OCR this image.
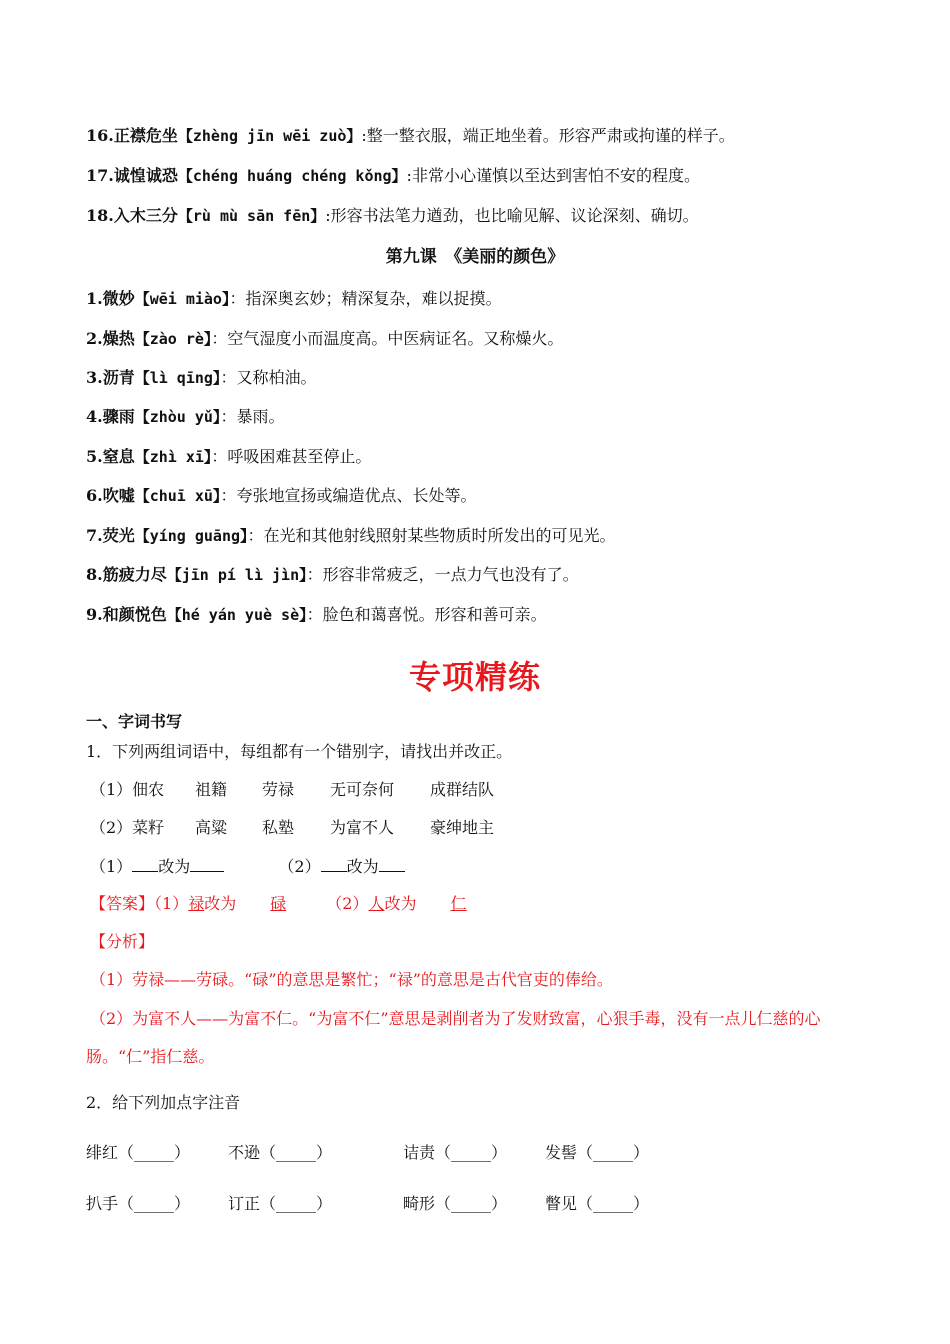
16.正襟危坐【zhèng jīn wēi zuò】:整一整衣服，端正地坐着。形容严肃或拘谨的样子。
17.诚惶诚恐【chéng huáng chéng kǒng】:非常小心谨慎以至达到害怕不安的程度。
18.入木三分【rù mù sān fēn】:形容书法笔力遒劲，也比喻见解、议论深刻、确切。
第九课　《美丽的颜色》
1.微妙【wēi miào】：指深奥玄妙；精深复杂，难以捉摸。
2.燥热【zào rè】：空气湿度小而温度高。中医病证名。又称燥火。
3.沥青【lì qīng】：又称柏油。
4.骤雨【zhòu yǔ】：暴雨。
5.窒息【zhì xī】：呼吸困难甚至停止。
6.吹嘘【chuī xū】：夸张地宣扬或编造优点、长处等。
7.荧光【yíng guāng】：在光和其他射线照射某些物质时所发出的可见光。
8.筋疲力尽【jīn pí lì jìn】：形容非常疲乏，一点力气也没有了。
9.和颜悦色【hé yán yuè sè】：脸色和蔼喜悦。形容和善可亲。
专项精练
一、字词书写
1．下列两组词语中，每组都有一个错别字，请找出并改正。
（1）佃农 祖籍 劳禄 无可奈何 成群结队
（2）菜籽 高粱 私塾 为富不人 豪绅地主
（1） 改为	（2） 改为
【答案】（1）禄改为 碌	（2）人改为 仁
【分析】
（1）劳禄——劳碌。“碌”的意思是繁忙；“禄”的意思是古代官吏的俸给。
（2）为富不人——为富不仁。“为富不仁”意思是剥削者为了发财致富，心狠手毒，没有一点儿仁慈的心
肠。“仁”指仁慈。
2．给下列加点字注音
绯红（_____） 不逊（_____）	诘责（_____） 发髻（_____）
扒手（_____） 订正（_____）	畸形（_____） 瞥见（_____）
